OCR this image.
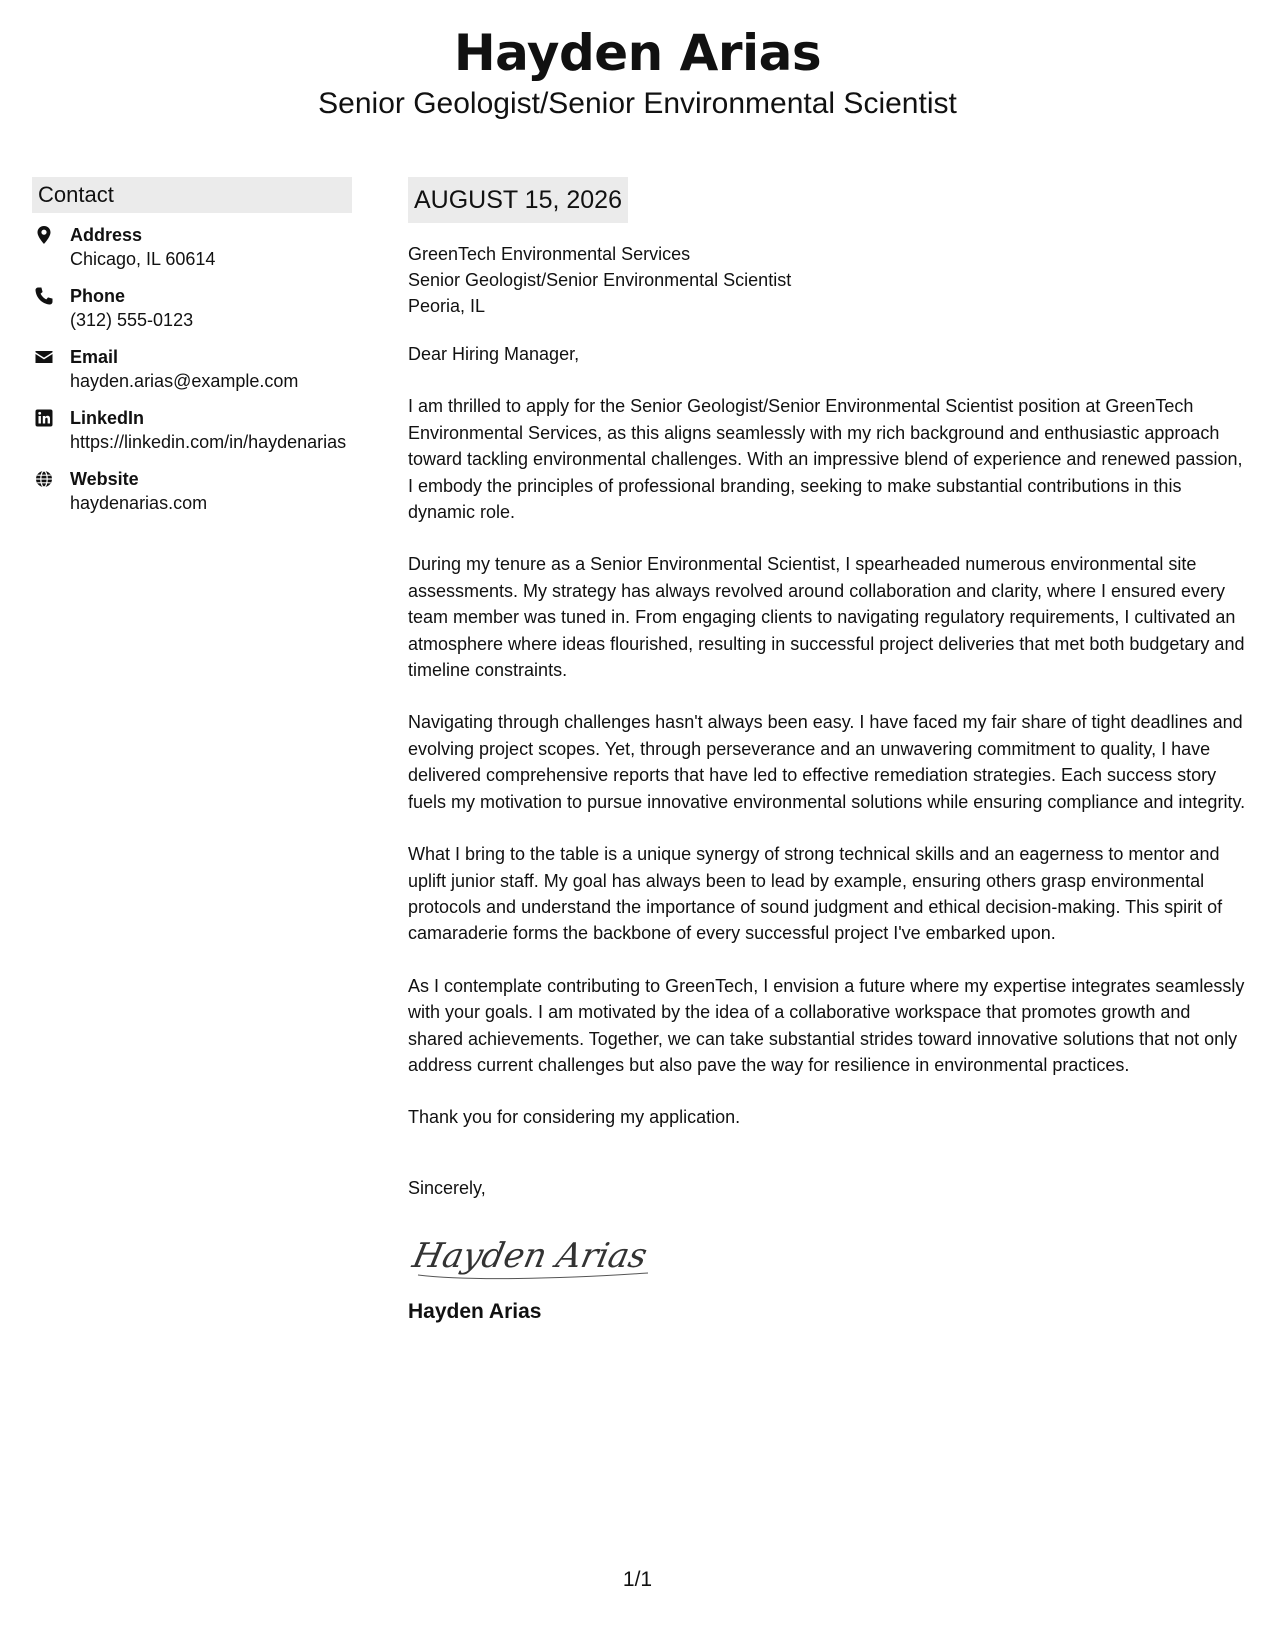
Hayden Arias
Senior Geologist/Senior Environmental Scientist
Contact
Address
Chicago, IL 60614
Phone
(312) 555-0123
Email
hayden.arias@example.com
LinkedIn
https://linkedin.com/in/haydenarias
Website
haydenarias.com
AUGUST 15, 2026
GreenTech Environmental Services
Senior Geologist/Senior Environmental Scientist
Peoria, IL

Dear Hiring Manager,

I am thrilled to apply for the Senior Geologist/Senior Environmental Scientist position at GreenTech Environmental Services, as this aligns seamlessly with my rich background and enthusiastic approach toward tackling environmental challenges. With an impressive blend of experience and renewed passion, I embody the principles of professional branding, seeking to make substantial contributions in this dynamic role.

During my tenure as a Senior Environmental Scientist, I spearheaded numerous environmental site assessments. My strategy has always revolved around collaboration and clarity, where I ensured every team member was tuned in. From engaging clients to navigating regulatory requirements, I cultivated an atmosphere where ideas flourished, resulting in successful project deliveries that met both budgetary and timeline constraints.

Navigating through challenges hasn't always been easy. I have faced my fair share of tight deadlines and evolving project scopes. Yet, through perseverance and an unwavering commitment to quality, I have delivered comprehensive reports that have led to effective remediation strategies. Each success story fuels my motivation to pursue innovative environmental solutions while ensuring compliance and integrity.

What I bring to the table is a unique synergy of strong technical skills and an eagerness to mentor and uplift junior staff. My goal has always been to lead by example, ensuring others grasp environmental protocols and understand the importance of sound judgment and ethical decision-making. This spirit of camaraderie forms the backbone of every successful project I've embarked upon.

As I contemplate contributing to GreenTech, I envision a future where my expertise integrates seamlessly with your goals. I am motivated by the idea of a collaborative workspace that promotes growth and shared achievements. Together, we can take substantial strides toward innovative solutions that not only address current challenges but also pave the way for resilience in environmental practices.

Thank you for considering my application.

Sincerely,
Hayden Arias
Hayden Arias
1/1
